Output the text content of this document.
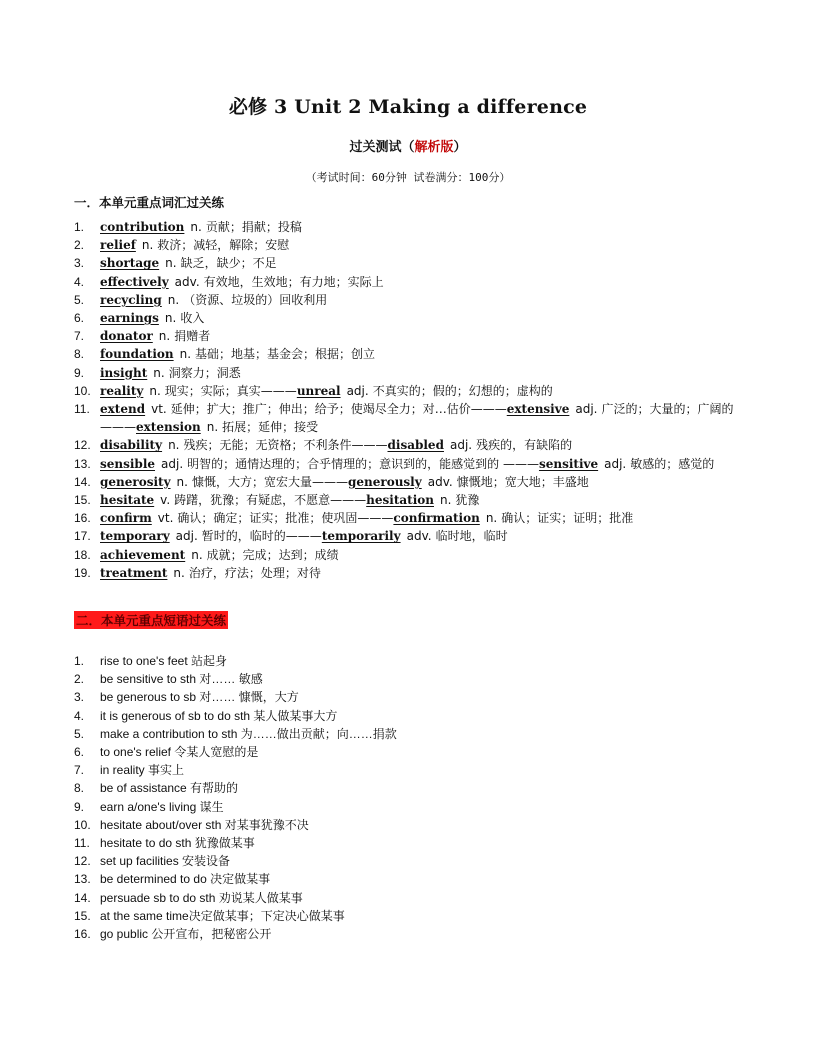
必修 3 Unit 2 Making a difference
过关测试（解析版）
（考试时间：60分钟 试卷满分：100分）
一．本单元重点词汇过关练
1. contribution n. 贡献；捐献；投稿
2. relief n. 救济；减轻，解除；安慰
3. shortage n. 缺乏，缺少；不足
4. effectively adv. 有效地，生效地；有力地；实际上
5. recycling n. （资源、垃圾的）回收利用
6. earnings n. 收入
7. donator n. 捐赠者
8. foundation n. 基础；地基；基金会；根据；创立
9. insight n. 洞察力；洞悉
10. reality n. 现实；实际；真实———unreal adj. 不真实的；假的；幻想的；虚构的
11. extend vt. 延伸；扩大；推广；伸出；给予；使竭尽全力；对…估价———extensive adj. 广泛的；大量的；广阔的 ———extension n. 拓展；延伸；接受
12. disability n. 残疾；无能；无资格；不利条件———disabled adj. 残疾的，有缺陷的
13. sensible adj. 明智的；通情达理的；合乎情理的；意识到的，能感觉到的 ———sensitive adj. 敏感的；感觉的
14. generosity n. 慷慨，大方；宽宏大量———generously adv. 慷慨地；宽大地；丰盛地
15. hesitate v. 踌躇，犹豫；有疑虑，不愿意———hesitation n. 犹豫
16. confirm vt. 确认；确定；证实；批准；使巩固———confirmation n. 确认；证实；证明；批准
17. temporary adj. 暂时的，临时的———temporarily adv. 临时地，临时
18. achievement n. 成就；完成；达到；成绩
19. treatment n. 治疗，疗法；处理；对待
二．本单元重点短语过关练
1. rise to one's feet 站起身
2. be sensitive to sth 对…… 敏感
3. be generous to sb 对…… 慷慨，大方
4. it is generous of sb to do sth 某人做某事大方
5. make a contribution to sth 为……做出贡献；向……捐款
6. to one's relief 令某人宽慰的是
7. in reality 事实上
8. be of assistance 有帮助的
9. earn a/one's living 谋生
10. hesitate about/over sth 对某事犹豫不决
11. hesitate to do sth 犹豫做某事
12. set up facilities 安装设备
13. be determined to do 决定做某事
14. persuade sb to do sth 劝说某人做某事
15. at the same time决定做某事；下定决心做某事
16. go public 公开宣布，把秘密公开
